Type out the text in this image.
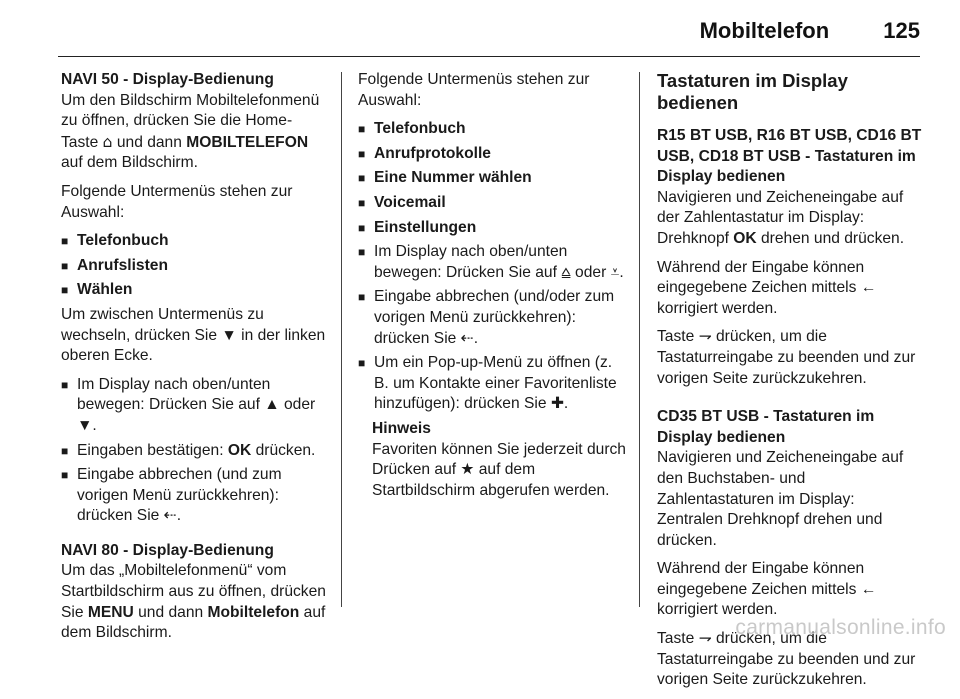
Mobiltelefon 125

NAVI 50 - Display-Bedienung

Um den Bildschirm Mobiltelefonmenü zu öffnen, drücken Sie die Home-Taste ⌂ und dann MOBILTELEFON auf dem Bildschirm.

Folgende Untermenüs stehen zur Auswahl:

■ Telefonbuch
■ Anrufslisten
■ Wählen

Um zwischen Untermenüs zu wechseln, drücken Sie ▼ in der linken oberen Ecke.

■ Im Display nach oben/unten bewegen: Drücken Sie auf ▲ oder ▼.
■ Eingaben bestätigen: OK drücken.
■ Eingabe abbrechen (und zum vorigen Menü zurückkehren): drücken Sie ⇠.

NAVI 80 - Display-Bedienung

Um das „Mobiltelefonmenü“ vom Startbildschirm aus zu öffnen, drücken Sie MENU und dann Mobiltelefon auf dem Bildschirm.

Folgende Untermenüs stehen zur Auswahl:

■ Telefonbuch
■ Anrufprotokolle
■ Eine Nummer wählen
■ Voicemail
■ Einstellungen
■ Im Display nach oben/unten bewegen: Drücken Sie auf ⩠ oder ⩡.
■ Eingabe abbrechen (und/oder zum vorigen Menü zurückkehren): drücken Sie ⇠.
■ Um ein Pop-up-Menü zu öffnen (z. B. um Kontakte einer Favoritenliste hinzufügen): drücken Sie ✚.

Hinweis

Favoriten können Sie jederzeit durch Drücken auf ★ auf dem Startbildschirm abgerufen werden.

Tastaturen im Display bedienen

R15 BT USB, R16 BT USB, CD16 BT USB, CD18 BT USB - Tastaturen im Display bedienen

Navigieren und Zeicheneingabe auf der Zahlentastatur im Display: Drehknopf OK drehen und drücken.

Während der Eingabe können eingegebene Zeichen mittels ← korrigiert werden.

Taste ⇁ drücken, um die Tastaturreingabe zu beenden und zur vorigen Seite zurückzukehren.

CD35 BT USB - Tastaturen im Display bedienen

Navigieren und Zeicheneingabe auf den Buchstaben- und Zahlentastaturen im Display: Zentralen Drehknopf drehen und drücken.

Während der Eingabe können eingegebene Zeichen mittels ← korrigiert werden.

Taste ⇁ drücken, um die Tastaturreingabe zu beenden und zur vorigen Seite zurückzukehren.

carmanualsonline.info
